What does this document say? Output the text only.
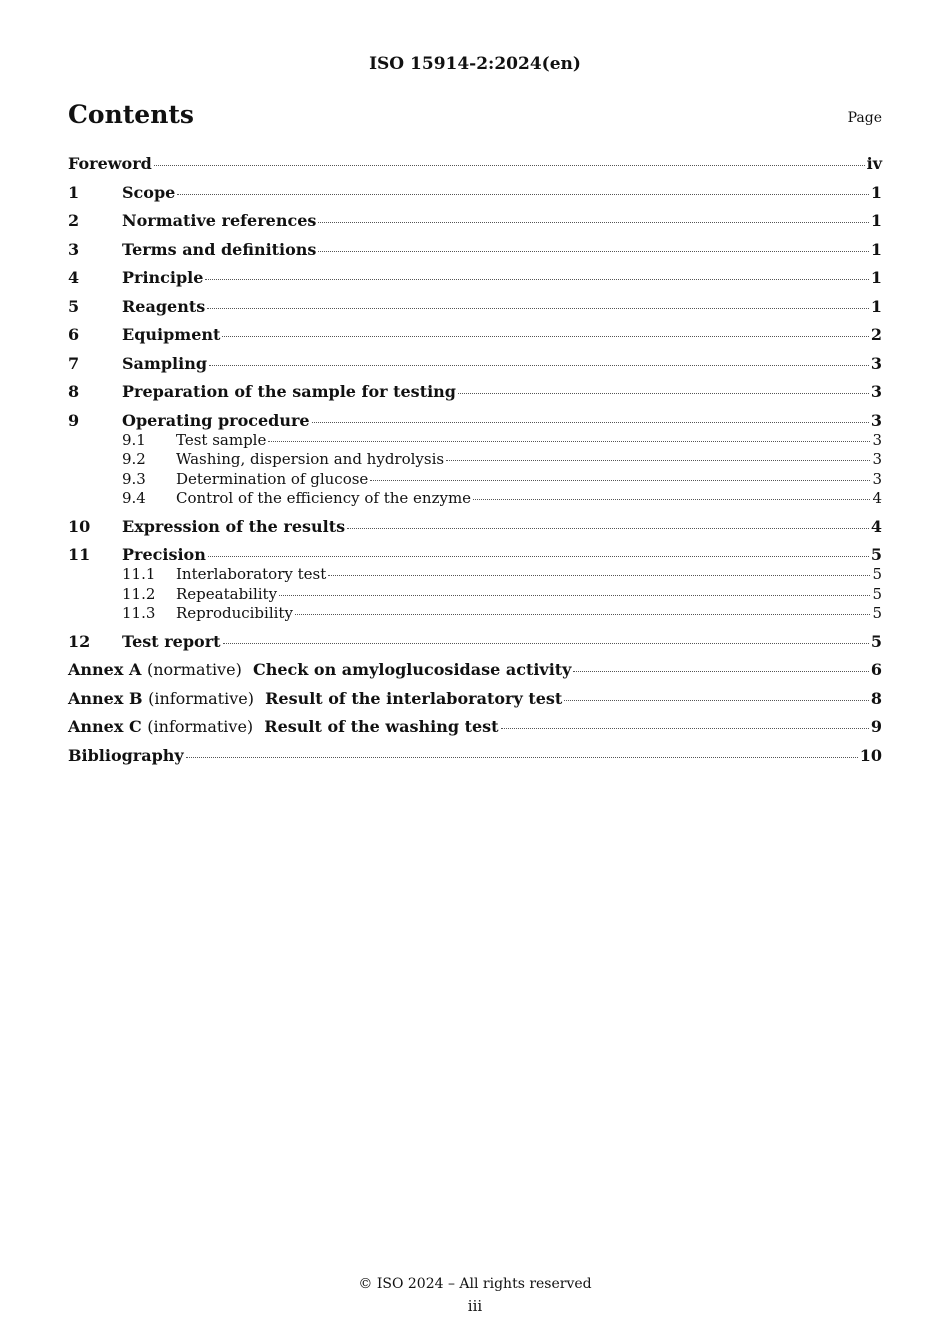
ISO 15914-2:2024(en)
Contents	Page
Foreword	iv
1	Scope	1
2	Normative references	1
3	Terms and definitions	1
4	Principle	1
5	Reagents	1
6	Equipment	2
7	Sampling	3
8	Preparation of the sample for testing	3
9	Operating procedure	3
9.1	Test sample	3
9.2	Washing, dispersion and hydrolysis	3
9.3	Determination of glucose	3
9.4	Control of the efficiency of the enzyme	4
10	Expression of the results	4
11	Precision	5
11.1	Interlaboratory test	5
11.2	Repeatability	5
11.3	Reproducibility	5
12	Test report	5
Annex A (normative) Check on amyloglucosidase activity	6
Annex B (informative) Result of the interlaboratory test	8
Annex C (informative) Result of the washing test	9
Bibliography	10
© ISO 2024 – All rights reserved
iii
